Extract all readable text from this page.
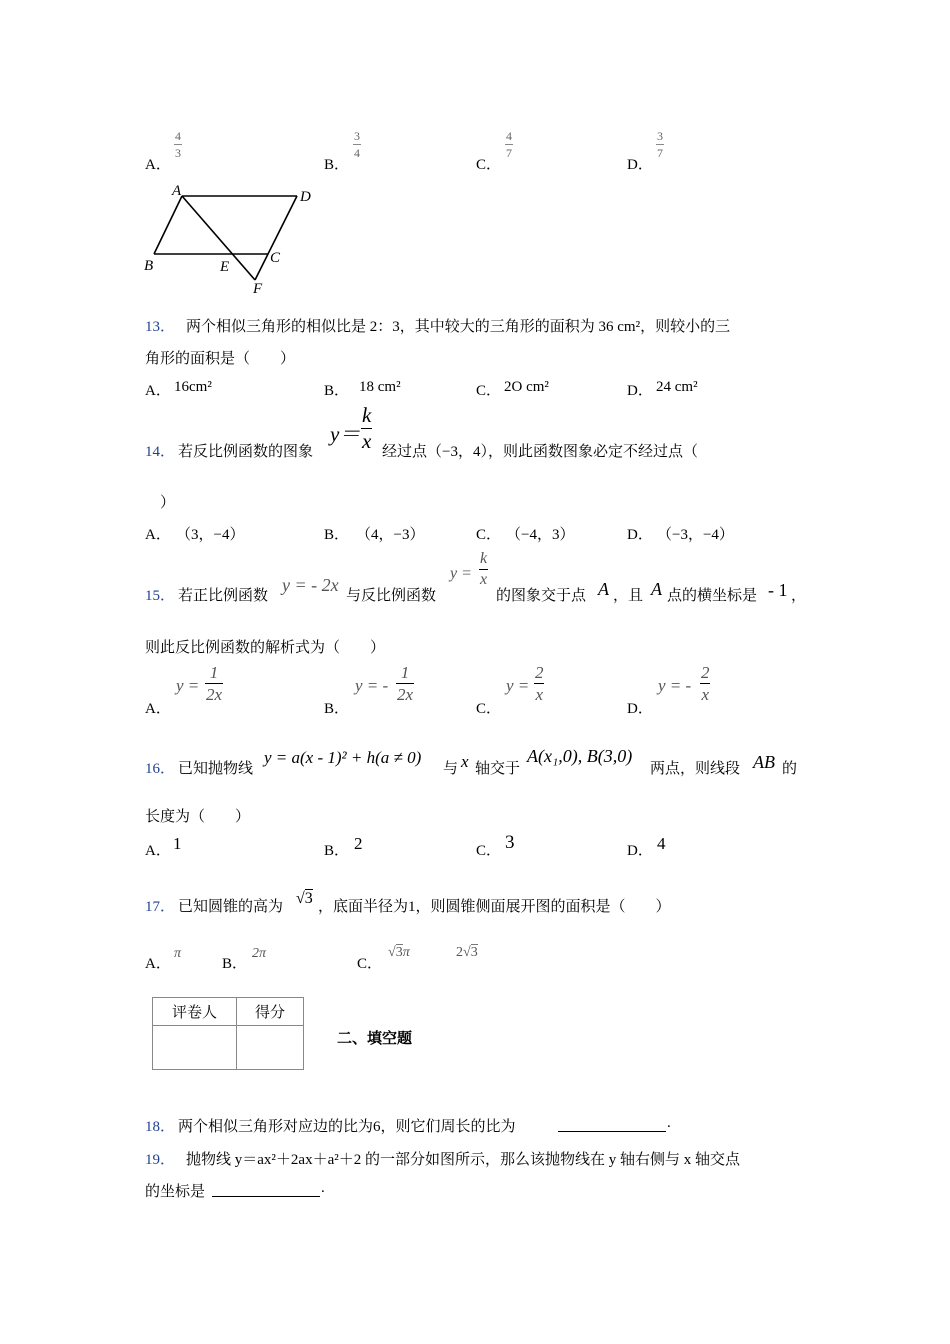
A．
$\frac{4}{3}$
B．
$\frac{3}{4}$
C．
$\frac{4}{7}$
D．
$\frac{3}{7}$
A	D
B	E
C
F
13． 两个相似三角形的相似比是 2：3，其中较大的三角形的面积为 36 cm²，则较小的三
角形的面积是（　　）
A． 16cm²	B． 18 cm²	C． 2O cm²	D． 24 cm²
14． 若反比例函数的图象
$y= \frac{k}{x}$ 经过点（−3，4），则此函数图象必定不经过点（
）
A． （3，−4）	B． （4，−3）	C． （−4，3）	D． （−3，−4）
15． 若正比例函数
y = - 2x
与反比例函数
$y = \frac{k}{x}$
的图象交于点 A ，且 A 点的横坐标是 - 1 ，
则此反比例函数的解析式为（　　）
A．
$y = \frac{1}{2x}$
B．
y = - $\frac{1}{2x}$
C．
$y = \frac{2}{x}$
D．
y = - $\frac{2}{x}$
16． 已知抛物线
y = a(x - 1)² + h(a ≠ 0)
与 x 轴交于
A(x₁,0), B(3,0)
两点，则线段 AB 的
长度为（　　）
A． 1	B． 2	C． 3	D． 4
17． 已知圆锥的高为 √3 ，底面半径为1，则圆锥侧面展开图的面积是（　　）
A．
π
B．
2π
C．
√3π	2√3
评卷人	得分

二、填空题
18． 两个相似三角形对应边的比为6，则它们周长的比为	.
19． 抛物线 y＝ax²＋2ax＋a²＋2 的一部分如图所示，那么该抛物线在 y 轴右侧与 x 轴交点
的坐标是	.
